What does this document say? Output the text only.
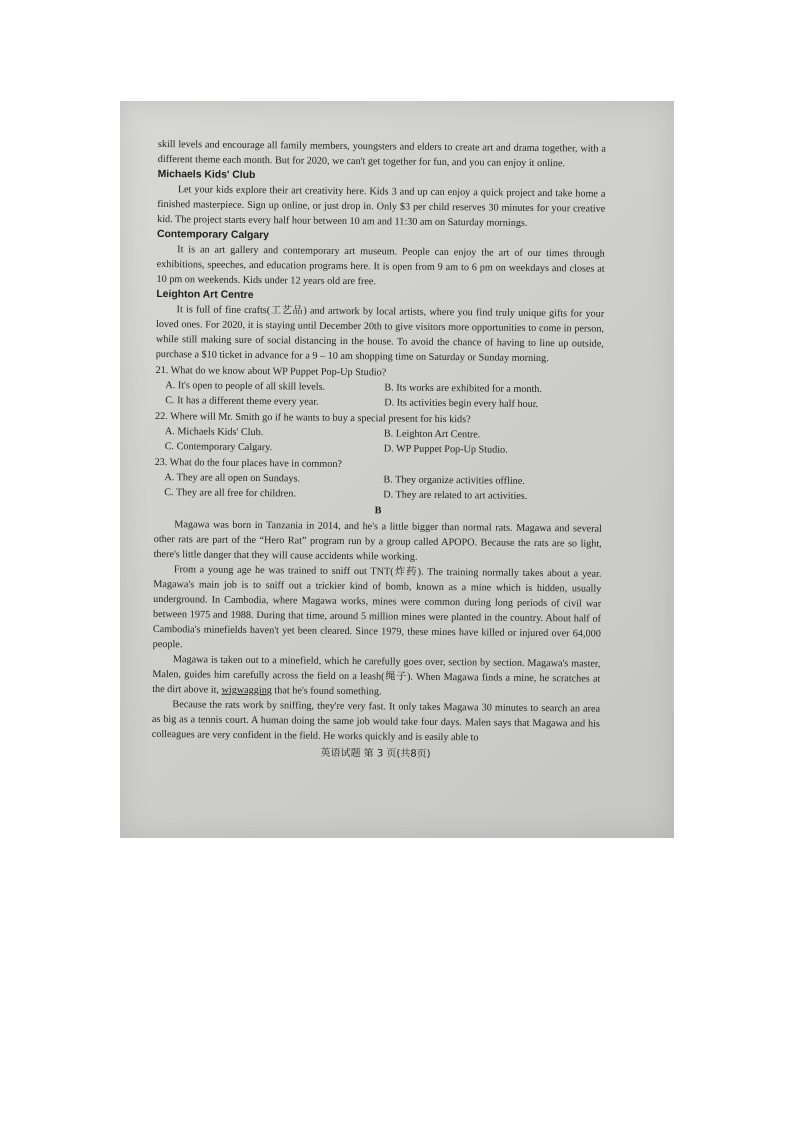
skill levels and encourage all family members, youngsters and elders to create art and drama together, with a different theme each month. But for 2020, we can't get together for fun, and you can enjoy it online.

Michaels Kids' Club

Let your kids explore their art creativity here. Kids 3 and up can enjoy a quick project and take home a finished masterpiece. Sign up online, or just drop in. Only $3 per child reserves 30 minutes for your creative kid. The project starts every half hour between 10 am and 11:30 am on Saturday mornings.

Contemporary Calgary

It is an art gallery and contemporary art museum. People can enjoy the art of our times through exhibitions, speeches, and education programs here. It is open from 9 am to 6 pm on weekdays and closes at 10 pm on weekends. Kids under 12 years old are free.

Leighton Art Centre

It is full of fine crafts(工艺品) and artwork by local artists, where you find truly unique gifts for your loved ones. For 2020, it is staying until December 20th to give visitors more opportunities to come in person, while still making sure of social distancing in the house. To avoid the chance of having to line up outside, purchase a $10 ticket in advance for a 9 – 10 am shopping time on Saturday or Sunday morning.

21. What do we know about WP Puppet Pop-Up Studio?

A. It's open to people of all skill levels.	B. Its works are exhibited for a month.
C. It has a different theme every year.	D. Its activities begin every half hour.

22. Where will Mr. Smith go if he wants to buy a special present for his kids?

A. Michaels Kids' Club.	B. Leighton Art Centre.
C. Contemporary Calgary.	D. WP Puppet Pop-Up Studio.

23. What do the four places have in common?

A. They are all open on Sundays.	B. They organize activities offline.
C. They are all free for children.	D. They are related to art activities.

B

Magawa was born in Tanzania in 2014, and he's a little bigger than normal rats. Magawa and several other rats are part of the “Hero Rat” program run by a group called APOPO. Because the rats are so light, there's little danger that they will cause accidents while working.

From a young age he was trained to sniff out TNT(炸药). The training normally takes about a year. Magawa's main job is to sniff out a trickier kind of bomb, known as a mine which is hidden, usually underground. In Cambodia, where Magawa works, mines were common during long periods of civil war between 1975 and 1988. During that time, around 5 million mines were planted in the country. About half of Cambodia's minefields haven't yet been cleared. Since 1979, these mines have killed or injured over 64,000 people.

Magawa is taken out to a minefield, which he carefully goes over, section by section. Magawa's master, Malen, guides him carefully across the field on a leash(绳子). When Magawa finds a mine, he scratches at the dirt above it, wigwagging that he's found something.

Because the rats work by sniffing, they're very fast. It only takes Magawa 30 minutes to search an area as big as a tennis court. A human doing the same job would take four days. Malen says that Magawa and his colleagues are very confident in the field. He works quickly and is easily able to

英语试题 第 3 页(共8页)
